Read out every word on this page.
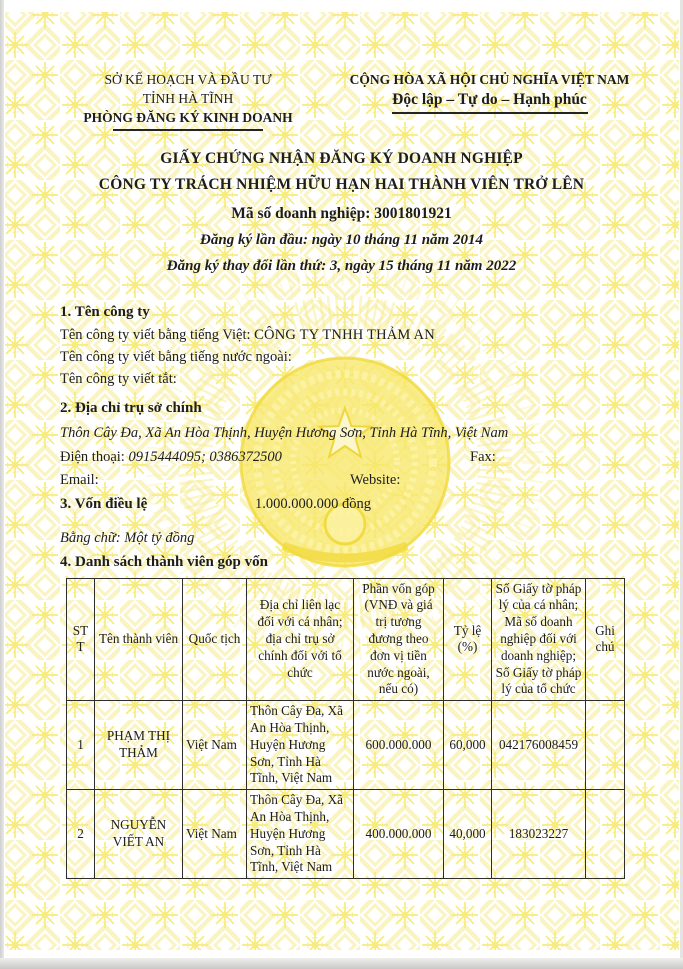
SỞ KẾ HOẠCH VÀ ĐẦU TƯ
TỈNH HÀ TĨNH
PHÒNG ĐĂNG KÝ KINH DOANH
CỘNG HÒA XÃ HỘI CHỦ NGHĨA VIỆT NAM
Độc lập – Tự do – Hạnh phúc
GIẤY CHỨNG NHẬN ĐĂNG KÝ DOANH NGHIỆP
CÔNG TY TRÁCH NHIỆM HỮU HẠN HAI THÀNH VIÊN TRỞ LÊN
Mã số doanh nghiệp: 3001801921
Đăng ký lần đầu: ngày 10 tháng 11 năm 2014
Đăng ký thay đổi lần thứ: 3, ngày 15 tháng 11 năm 2022
1. Tên công ty
Tên công ty viết bằng tiếng Việt: CÔNG TY TNHH THẢM AN
Tên công ty viết bằng tiếng nước ngoài:
Tên công ty viết tắt:
2. Địa chỉ trụ sở chính
Thôn Cây Đa, Xã An Hòa Thịnh, Huyện Hương Sơn, Tỉnh Hà Tĩnh, Việt Nam
Điện thoại: 0915444095; 0386372500	Fax:
Email:	Website:
3. Vốn điều lệ	1.000.000.000 đồng
Bằng chữ: Một tỷ đồng
4. Danh sách thành viên góp vốn
STT	Tên thành viên	Quốc tịch	Địa chỉ liên lạc đối với cá nhân; địa chỉ trụ sở chính đối với tổ chức	Phần vốn góp (VNĐ và giá trị tương đương theo đơn vị tiền nước ngoài, nếu có)	Tỷ lệ (%)	Số Giấy tờ pháp lý của cá nhân; Mã số doanh nghiệp đối với doanh nghiệp; Số Giấy tờ pháp lý của tổ chức	Ghi chú
1	PHẠM THỊ THẢM	Việt Nam	Thôn Cây Đa, Xã An Hòa Thịnh, Huyện Hương Sơn, Tỉnh Hà Tĩnh, Việt Nam	600.000.000	60,000	042176008459	
2	NGUYỄN VIẾT AN	Việt Nam	Thôn Cây Đa, Xã An Hòa Thịnh, Huyện Hương Sơn, Tỉnh Hà Tĩnh, Việt Nam	400.000.000	40,000	183023227	
